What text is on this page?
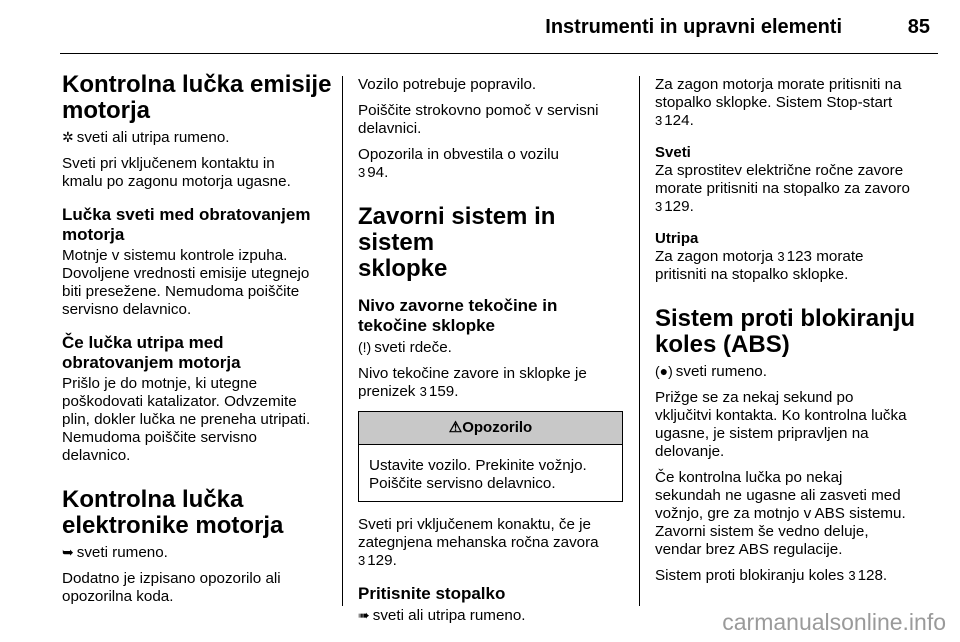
Instrumenti in upravni elementi	85
Kontrolna lučka emisije
motorja

✲ sveti ali utripa rumeno.

Sveti pri vključenem kontaktu in
kmalu po zagonu motorja ugasne.

Lučka sveti med obratovanjem
motorja

Motnje v sistemu kontrole izpuha.
Dovoljene vrednosti emisije utegnejo
biti presežene. Nemudoma poiščite
servisno delavnico.

Če lučka utripa med
obratovanjem motorja

Prišlo je do motnje, ki utegne
poškodovati katalizator. Odvzemite
plin, dokler lučka ne preneha utripati.
Nemudoma poiščite servisno
delavnico.

Kontrolna lučka
elektronike motorja

➥ sveti rumeno.

Dodatno je izpisano opozorilo ali
opozorilna koda.

Vozilo potrebuje popravilo.

Poiščite strokovno pomoč v servisni
delavnici.

Opozorila in obvestila o vozilu
3 94.

Zavorni sistem in sistem
sklopke
Nivo zavorne tekočine in
tekočine sklopke

(!) sveti rdeče.

Nivo tekočine zavore in sklopke je
prenizek 3 159.

⚠Opozorilo
Ustavite vozilo. Prekinite vožnjo.
Poiščite servisno delavnico.

Sveti pri vključenem konaktu, če je
zategnjena mehanska ročna zavora
3 129.

Pritisnite stopalko

➠ sveti ali utripa rumeno.

Za zagon motorja morate pritisniti na
stopalko sklopke. Sistem Stop-start
3 124.

Sveti

Za sprostitev električne ročne zavore
morate pritisniti na stopalko za zavoro
3 129.

Utripa

Za zagon motorja 3 123 morate
pritisniti na stopalko sklopke.

Sistem proti blokiranju
koles (ABS)

(●) sveti rumeno.

Prižge se za nekaj sekund po
vključitvi kontakta. Ko kontrolna lučka
ugasne, je sistem pripravljen na
delovanje.

Če kontrolna lučka po nekaj
sekundah ne ugasne ali zasveti med
vožnjo, gre za motnjo v ABS sistemu.
Zavorni sistem še vedno deluje,
vendar brez ABS regulacije.

Sistem proti blokiranju koles 3 128.

carmanualsonline.info
